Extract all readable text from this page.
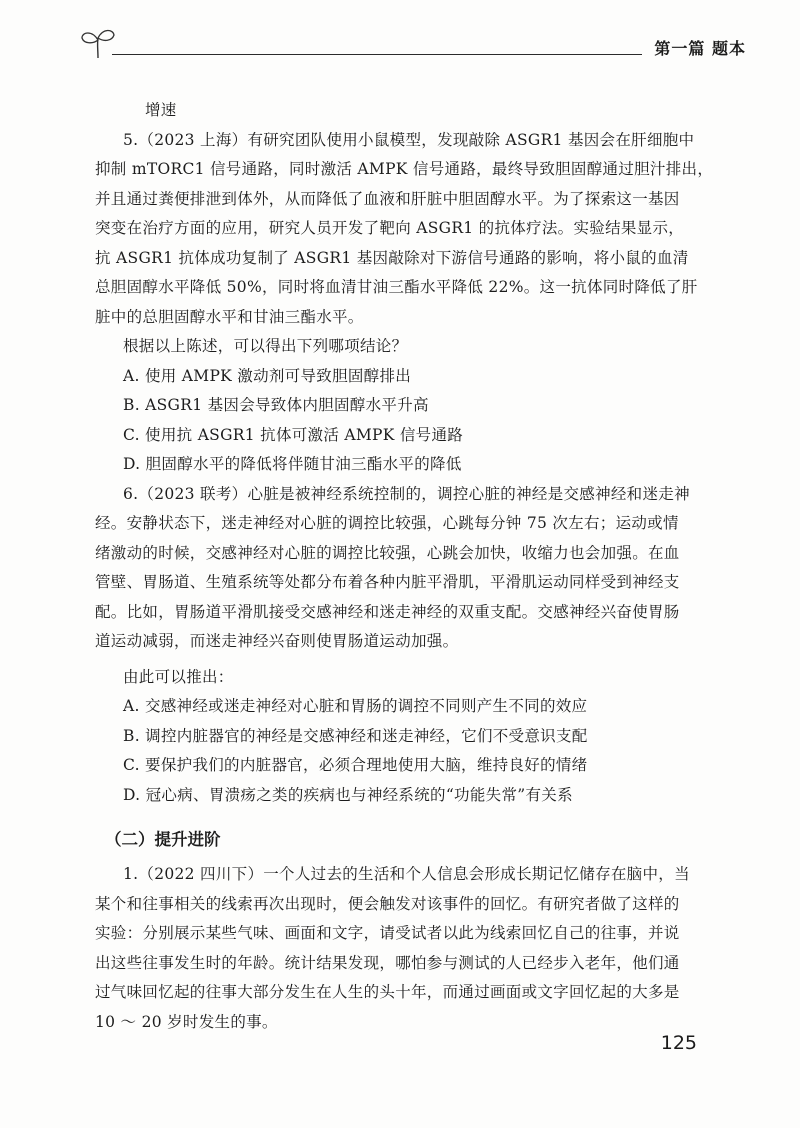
第一篇 题本
增速
5.（2023 上海）有研究团队使用小鼠模型，发现敲除 ASGR1 基因会在肝细胞中
抑制 mTORC1 信号通路，同时激活 AMPK 信号通路，最终导致胆固醇通过胆汁排出，
并且通过粪便排泄到体外，从而降低了血液和肝脏中胆固醇水平。为了探索这一基因
突变在治疗方面的应用，研究人员开发了靶向 ASGR1 的抗体疗法。实验结果显示，
抗 ASGR1 抗体成功复制了 ASGR1 基因敲除对下游信号通路的影响，将小鼠的血清
总胆固醇水平降低 50%，同时将血清甘油三酯水平降低 22%。这一抗体同时降低了肝
脏中的总胆固醇水平和甘油三酯水平。
根据以上陈述，可以得出下列哪项结论？
A. 使用 AMPK 激动剂可导致胆固醇排出
B. ASGR1 基因会导致体内胆固醇水平升高
C. 使用抗 ASGR1 抗体可激活 AMPK 信号通路
D. 胆固醇水平的降低将伴随甘油三酯水平的降低
6.（2023 联考）心脏是被神经系统控制的，调控心脏的神经是交感神经和迷走神
经。安静状态下，迷走神经对心脏的调控比较强，心跳每分钟 75 次左右；运动或情
绪激动的时候，交感神经对心脏的调控比较强，心跳会加快，收缩力也会加强。在血
管壁、胃肠道、生殖系统等处都分布着各种内脏平滑肌，平滑肌运动同样受到神经支
配。比如，胃肠道平滑肌接受交感神经和迷走神经的双重支配。交感神经兴奋使胃肠
道运动减弱，而迷走神经兴奋则使胃肠道运动加强。
由此可以推出：
A. 交感神经或迷走神经对心脏和胃肠的调控不同则产生不同的效应
B. 调控内脏器官的神经是交感神经和迷走神经，它们不受意识支配
C. 要保护我们的内脏器官，必须合理地使用大脑，维持良好的情绪
D. 冠心病、胃溃疡之类的疾病也与神经系统的“功能失常”有关系
（二）提升进阶
1.（2022 四川下）一个人过去的生活和个人信息会形成长期记忆储存在脑中，当
某个和往事相关的线索再次出现时，便会触发对该事件的回忆。有研究者做了这样的
实验：分别展示某些气味、画面和文字，请受试者以此为线索回忆自己的往事，并说
出这些往事发生时的年龄。统计结果发现，哪怕参与测试的人已经步入老年，他们通
过气味回忆起的往事大部分发生在人生的头十年，而通过画面或文字回忆起的大多是
10 ～ 20 岁时发生的事。
125
